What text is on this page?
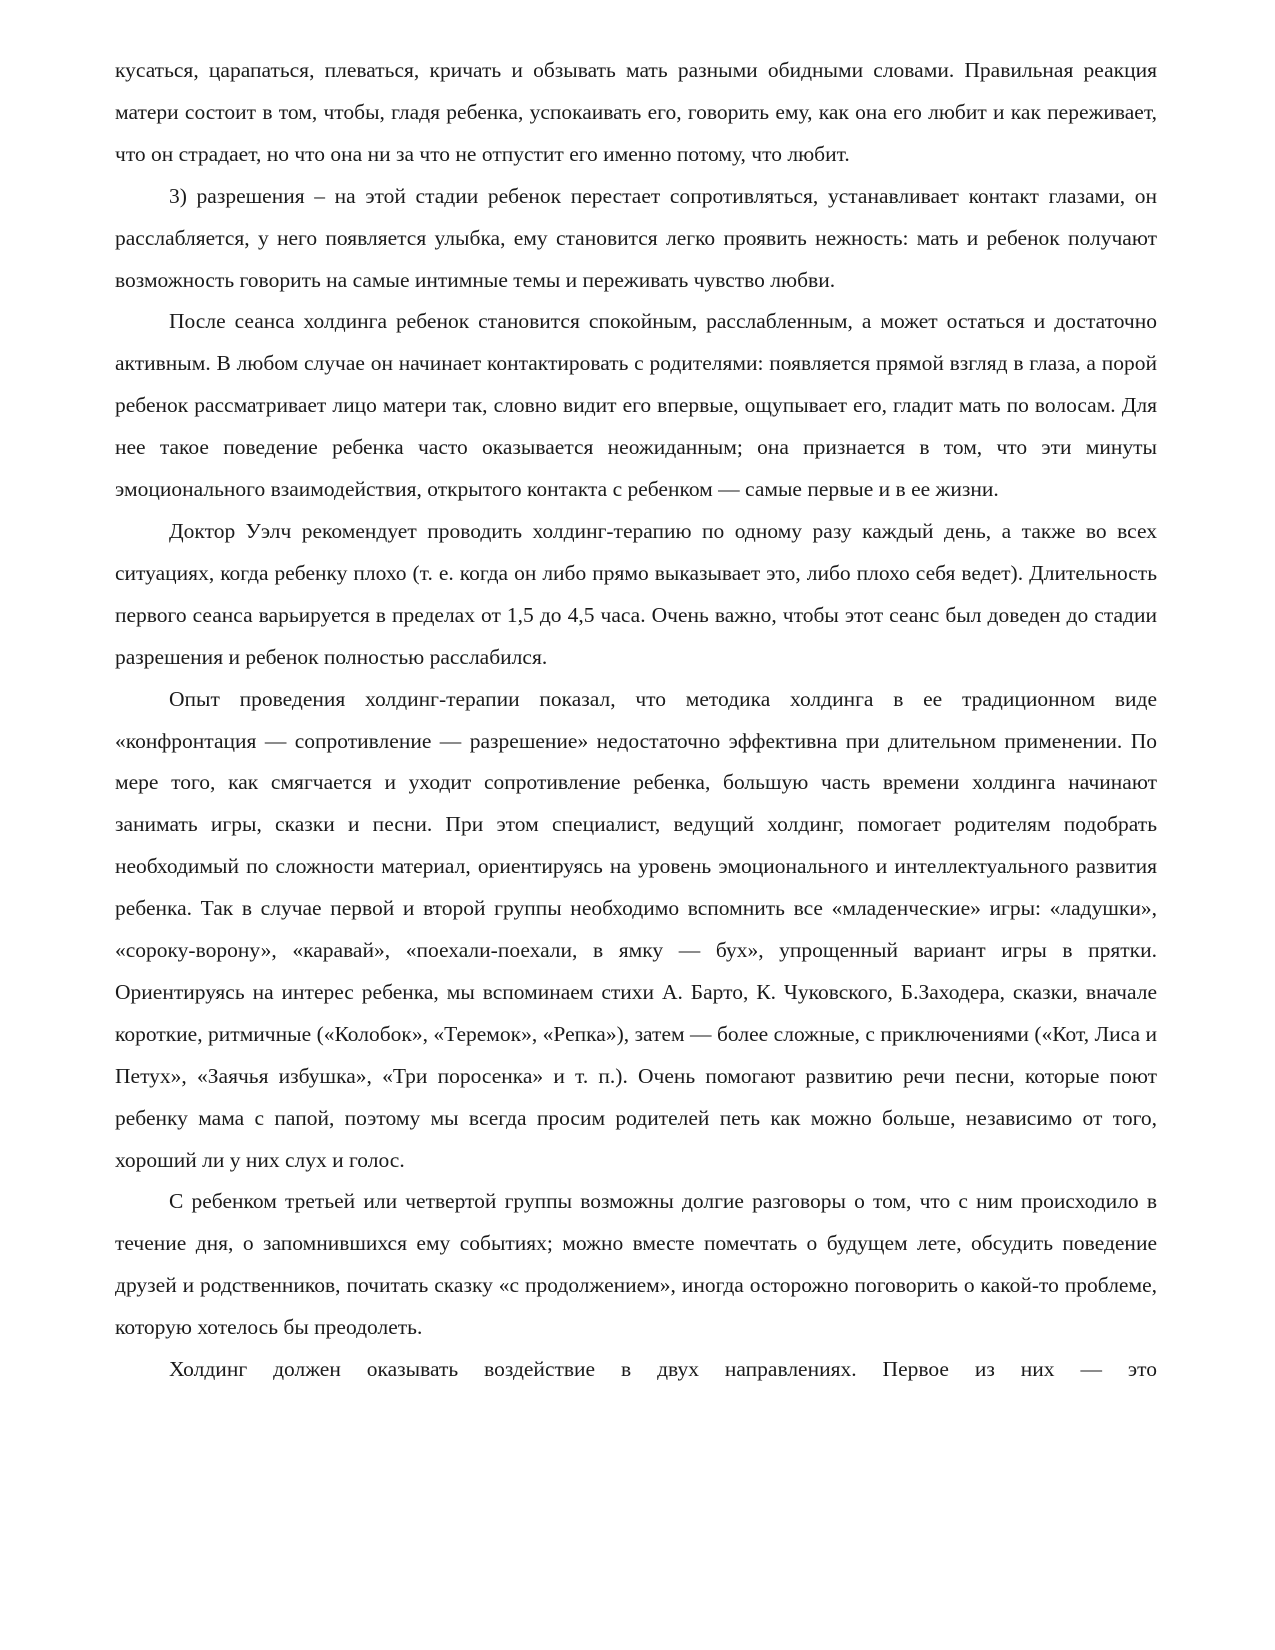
кусаться, царапаться, плеваться, кричать и обзывать мать разными обидными словами. Правильная реакция матери состоит в том, чтобы, гладя ребенка, успокаивать его, говорить ему, как она его любит и как переживает, что он страдает, но что она ни за что не отпустит его именно потому, что любит.

3) разрешения – на этой стадии ребенок перестает сопротивляться, устанавливает контакт глазами, он расслабляется, у него появляется улыбка, ему становится легко проявить нежность: мать и ребенок получают возможность говорить на самые интимные темы и переживать чувство любви.

После сеанса холдинга ребенок становится спокойным, расслабленным, а может остаться и достаточно активным. В любом случае он начинает контактировать с родителями: появляется прямой взгляд в глаза, а порой ребенок рассматривает лицо матери так, словно видит его впервые, ощупывает его, гладит мать по волосам. Для нее такое поведение ребенка часто оказывается неожиданным; она признается в том, что эти минуты эмоционального взаимодействия, открытого контакта с ребенком — самые первые и в ее жизни.

Доктор Уэлч рекомендует проводить холдинг-терапию по одному разу каждый день, а также во всех ситуациях, когда ребенку плохо (т. е. когда он либо прямо выказывает это, либо плохо себя ведет). Длительность первого сеанса варьируется в пределах от 1,5 до 4,5 часа. Очень важно, чтобы этот сеанс был доведен до стадии разрешения и ребенок полностью расслабился.

Опыт проведения холдинг-терапии показал, что методика холдинга в ее традиционном виде «конфронтация — сопротивление — разрешение» недостаточно эффективна при длительном применении. По мере того, как смягчается и уходит сопротивление ребенка, большую часть времени холдинга начинают занимать игры, сказки и песни. При этом специалист, ведущий холдинг, помогает родителям подобрать необходимый по сложности материал, ориентируясь на уровень эмоционального и интеллектуального развития ребенка. Так в случае первой и второй группы необходимо вспомнить все «младенческие» игры: «ладушки», «сороку-ворону», «каравай», «поехали-поехали, в ямку — бух», упрощенный вариант игры в прятки. Ориентируясь на интерес ребенка, мы вспоминаем стихи А. Барто, К. Чуковского, Б.Заходера, сказки, вначале короткие, ритмичные («Колобок», «Теремок», «Репка»), затем — более сложные, с приключениями («Кот, Лиса и Петух», «Заячья избушка», «Три поросенка» и т. п.). Очень помогают развитию речи песни, которые поют ребенку мама с папой, поэтому мы всегда просим родителей петь как можно больше, независимо от того, хороший ли у них слух и голос.

С ребенком третьей или четвертой группы возможны долгие разговоры о том, что с ним происходило в течение дня, о запомнившихся ему событиях; можно вместе помечтать о будущем лете, обсудить поведение друзей и родственников, почитать сказку «с продолжением», иногда осторожно поговорить о какой-то проблеме, которую хотелось бы преодолеть.

Холдинг должен оказывать воздействие в двух направлениях. Первое из них — это
